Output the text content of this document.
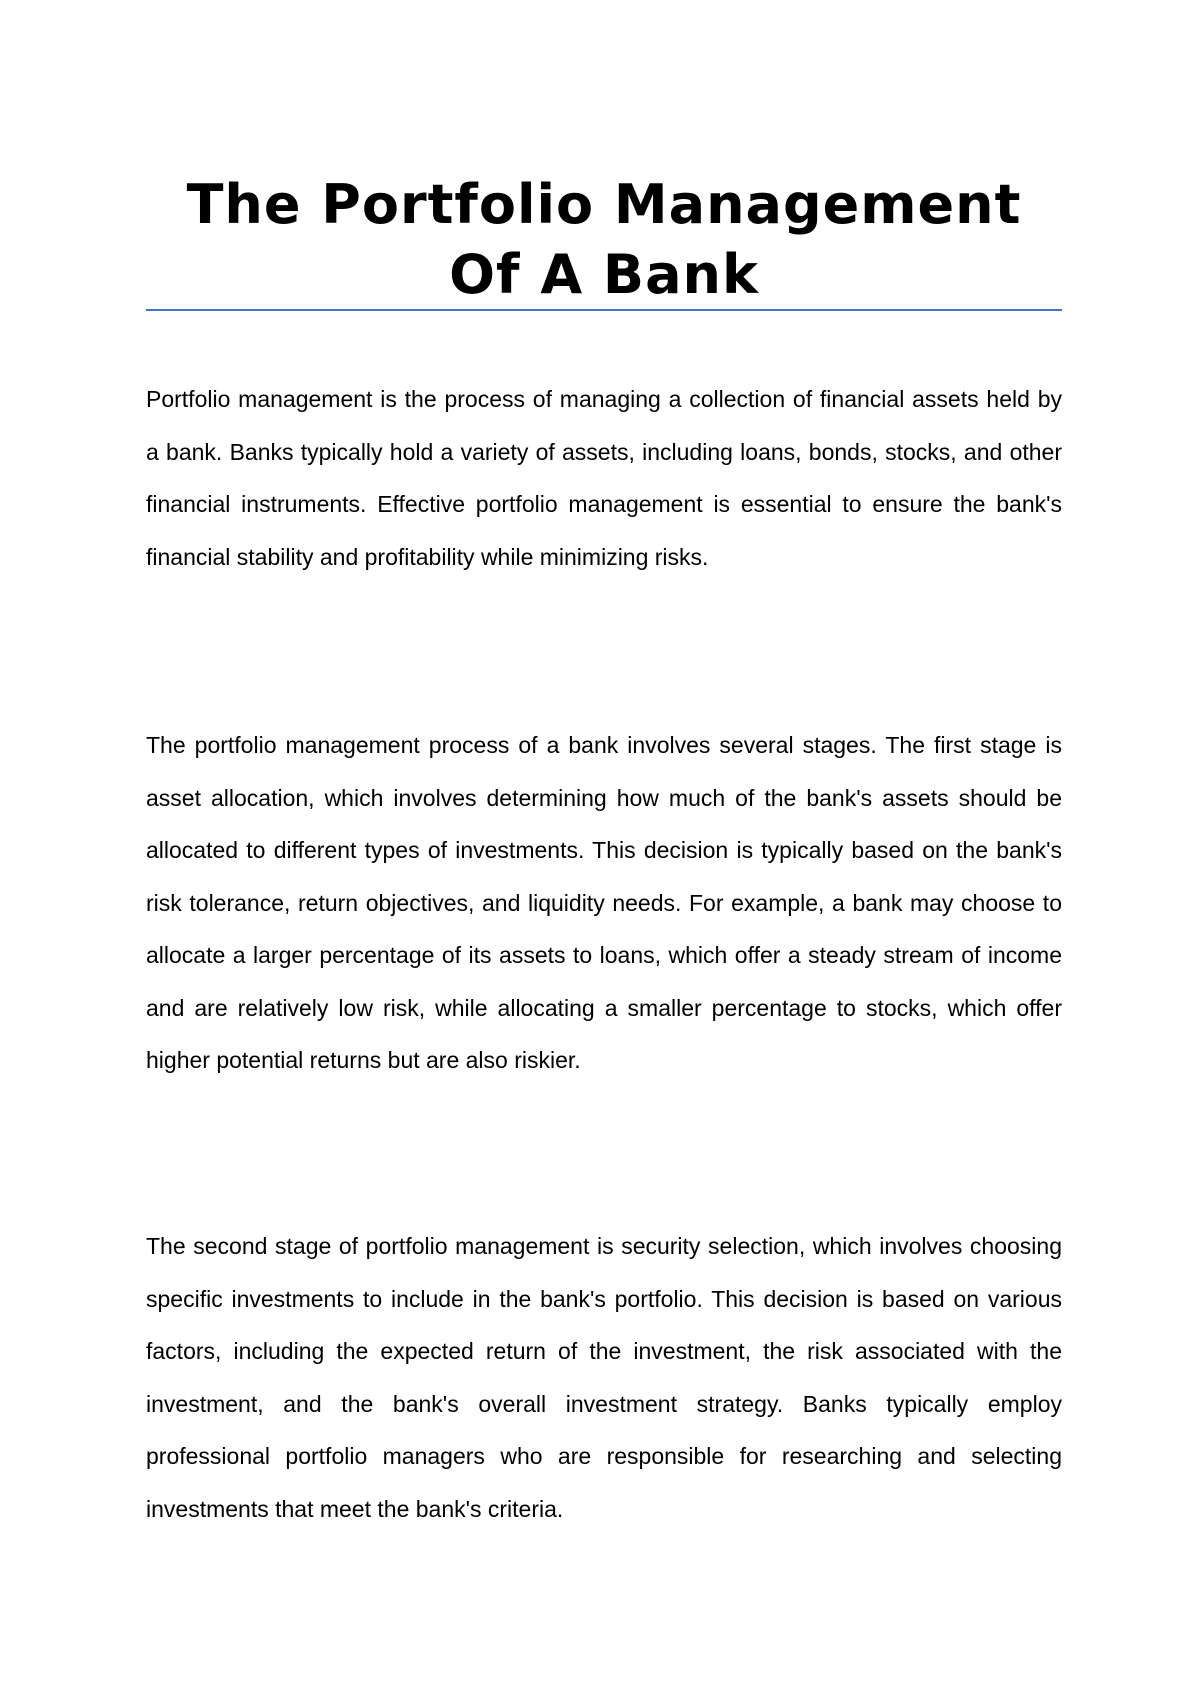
The Portfolio Management Of A Bank

Portfolio management is the process of managing a collection of financial assets held by a bank. Banks typically hold a variety of assets, including loans, bonds, stocks, and other financial instruments. Effective portfolio management is essential to ensure the bank's financial stability and profitability while minimizing risks.

The portfolio management process of a bank involves several stages. The first stage is asset allocation, which involves determining how much of the bank's assets should be allocated to different types of investments. This decision is typically based on the bank's risk tolerance, return objectives, and liquidity needs. For example, a bank may choose to allocate a larger percentage of its assets to loans, which offer a steady stream of income and are relatively low risk, while allocating a smaller percentage to stocks, which offer higher potential returns but are also riskier.

The second stage of portfolio management is security selection, which involves choosing specific investments to include in the bank's portfolio. This decision is based on various factors, including the expected return of the investment, the risk associated with the investment, and the bank's overall investment strategy. Banks typically employ professional portfolio managers who are responsible for researching and selecting investments that meet the bank's criteria.
